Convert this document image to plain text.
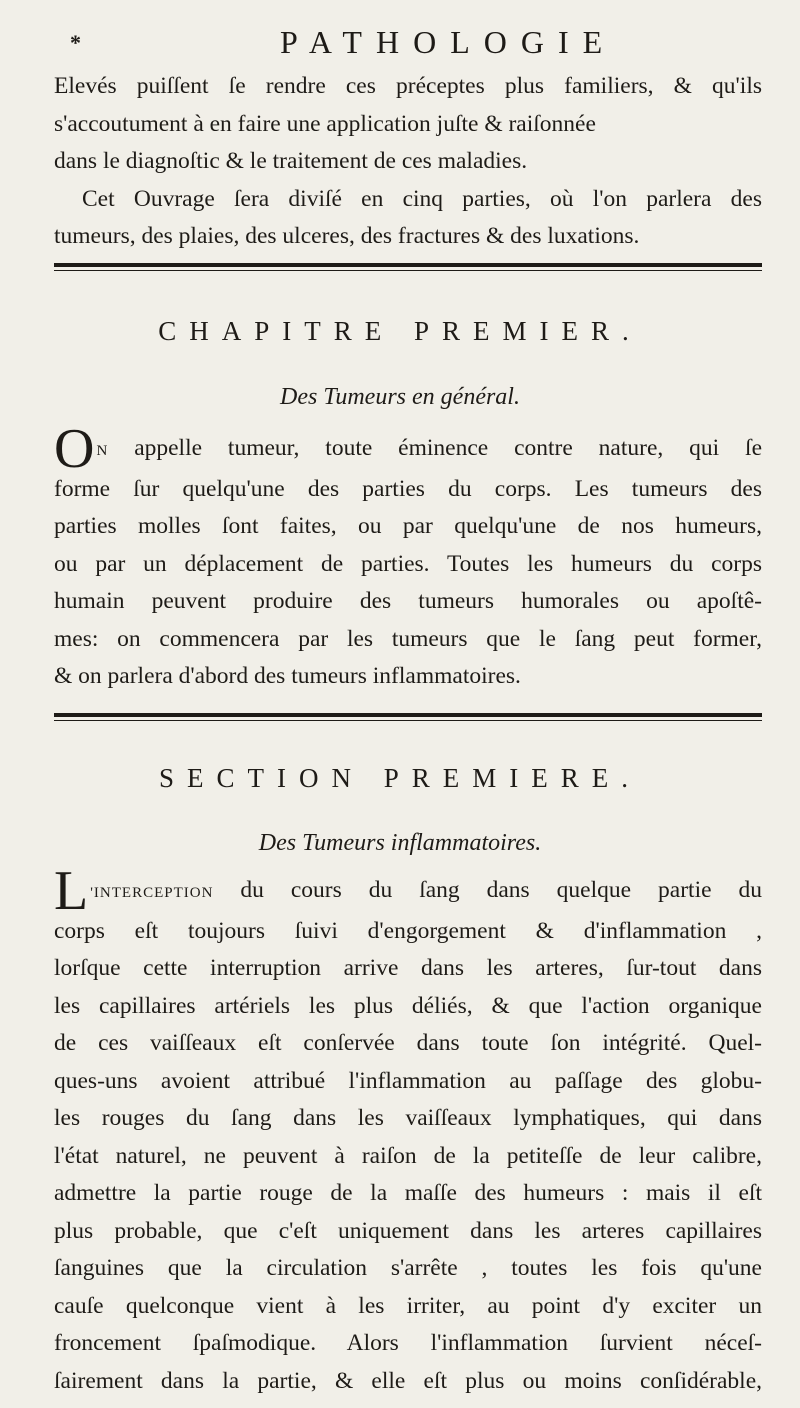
*	PATHOLOGIE
Elevés puiſſent ſe rendre ces préceptes plus familiers, & qu'ils
s'accoutument à en faire une application juſte & raiſonnée
dans le diagnoſtic & le traitement de ces maladies.
Cet Ouvrage ſera diviſé en cinq parties, où l'on parlera des
tumeurs, des plaies, des ulceres, des fractures & des luxations.
CHAPITRE PREMIER.
Des Tumeurs en général.
O N appelle tumeur, toute éminence contre nature, qui ſe
forme ſur quelqu'une des parties du corps. Les tumeurs des
parties molles ſont faites, ou par quelqu'une de nos humeurs,
ou par un déplacement de parties. Toutes les humeurs du corps
humain peuvent produire des tumeurs humorales ou apoſtê-
mes: on commencera par les tumeurs que le ſang peut former,
& on parlera d'abord des tumeurs inflammatoires.
SECTION PREMIERE.
Des Tumeurs inflammatoires.
L 'INTERCEPTION du cours du ſang dans quelque partie du
corps eſt toujours ſuivi d'engorgement & d'inflammation ,
lorſque cette interruption arrive dans les arteres, ſur-tout dans
les capillaires artériels les plus déliés, & que l'action organique
de ces vaiſſeaux eſt conſervée dans toute ſon intégrité. Quel-
ques-uns avoient attribué l'inflammation au paſſage des globu-
les rouges du ſang dans les vaiſſeaux lymphatiques, qui dans
l'état naturel, ne peuvent à raiſon de la petiteſſe de leur calibre,
admettre la partie rouge de la maſſe des humeurs : mais il eſt
plus probable, que c'eſt uniquement dans les arteres capillaires
ſanguines que la circulation s'arrête , toutes les fois qu'une
cauſe quelconque vient à les irriter, au point d'y exciter un
froncement ſpaſmodique. Alors l'inflammation ſurvient néceſ-
ſairement dans la partie, & elle eſt plus ou moins conſidérable,
